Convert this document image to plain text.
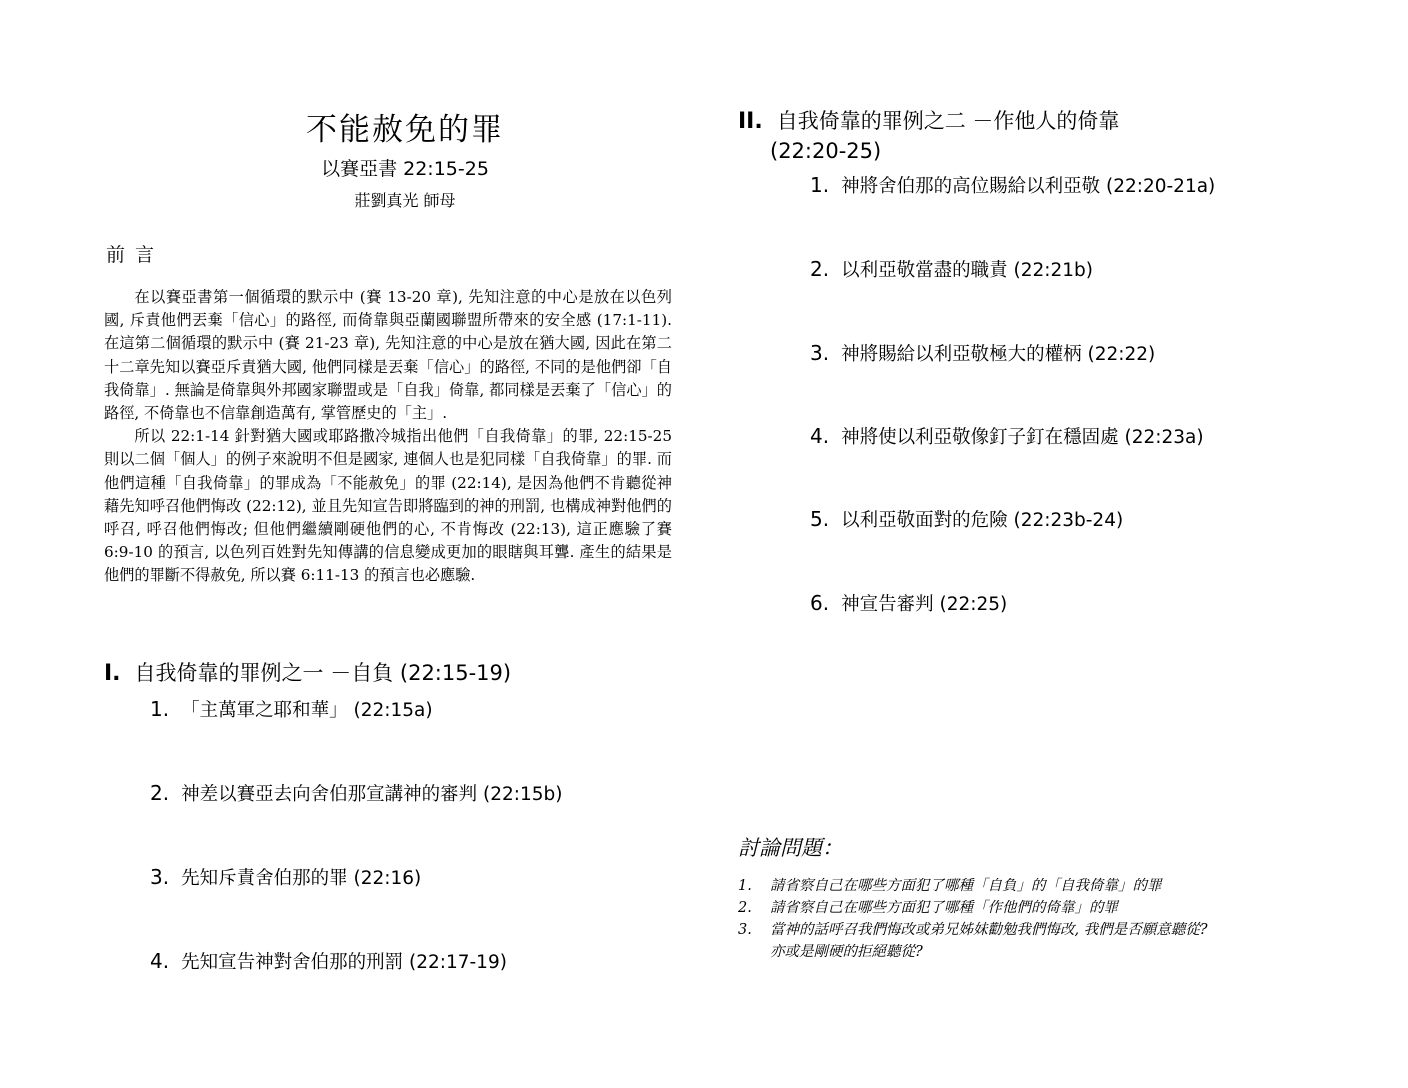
不能赦免的罪
以賽亞書 22:15-25
莊劉真光 師母
前言

在以賽亞書第一個循環的默示中 (賽 13-20 章), 先知注意的中心是放在以色列國, 斥責他們丟棄「信心」的路徑, 而倚靠與亞蘭國聯盟所帶來的安全感 (17:1-11). 在這第二個循環的默示中 (賽 21-23 章), 先知注意的中心是放在猶大國, 因此在第二十二章先知以賽亞斥責猶大國, 他們同樣是丟棄「信心」的路徑, 不同的是他們卻「自我倚靠」. 無論是倚靠與外邦國家聯盟或是「自我」倚靠, 都同樣是丟棄了「信心」的路徑, 不倚靠也不信靠創造萬有, 掌管歷史的「主」.

所以 22:1-14 針對猶大國或耶路撒冷城指出他們「自我倚靠」的罪, 22:15-25 則以二個「個人」的例子來說明不但是國家, 連個人也是犯同樣「自我倚靠」的罪. 而他們這種「自我倚靠」的罪成為「不能赦免」的罪 (22:14), 是因為他們不肯聽從神藉先知呼召他們悔改 (22:12), 並且先知宣告即將臨到的神的刑罰, 也構成神對他們的呼召, 呼召他們悔改; 但他們繼續剛硬他們的心, 不肯悔改 (22:13), 這正應驗了賽 6:9-10 的預言, 以色列百姓對先知傳講的信息變成更加的眼瞎與耳聾. 產生的結果是他們的罪斷不得赦免, 所以賽 6:11-13 的預言也必應驗.

I. 自我倚靠的罪例之一 －自負 (22:15-19)
1. 「主萬軍之耶和華」 (22:15a)
2. 神差以賽亞去向舍伯那宣講神的審判 (22:15b)
3. 先知斥責舍伯那的罪 (22:16)
4. 先知宣告神對舍伯那的刑罰 (22:17-19)
II. 自我倚靠的罪例之二 －作他人的倚靠
(22:20-25)
1. 神將舍伯那的高位賜給以利亞敬 (22:20-21a)
2. 以利亞敬當盡的職責 (22:21b)
3. 神將賜給以利亞敬極大的權柄 (22:22)
4. 神將使以利亞敬像釘子釘在穩固處 (22:23a)
5. 以利亞敬面對的危險 (22:23b-24)
6. 神宣告審判 (22:25)
討論問題：
1. 請省察自己在哪些方面犯了哪種「自負」的「自我倚靠」的罪
2. 請省察自己在哪些方面犯了哪種「作他們的倚靠」的罪
3. 當神的話呼召我們悔改或弟兄姊妹勸勉我們悔改, 我們是否願意聽從?
亦或是剛硬的拒絕聽從?
